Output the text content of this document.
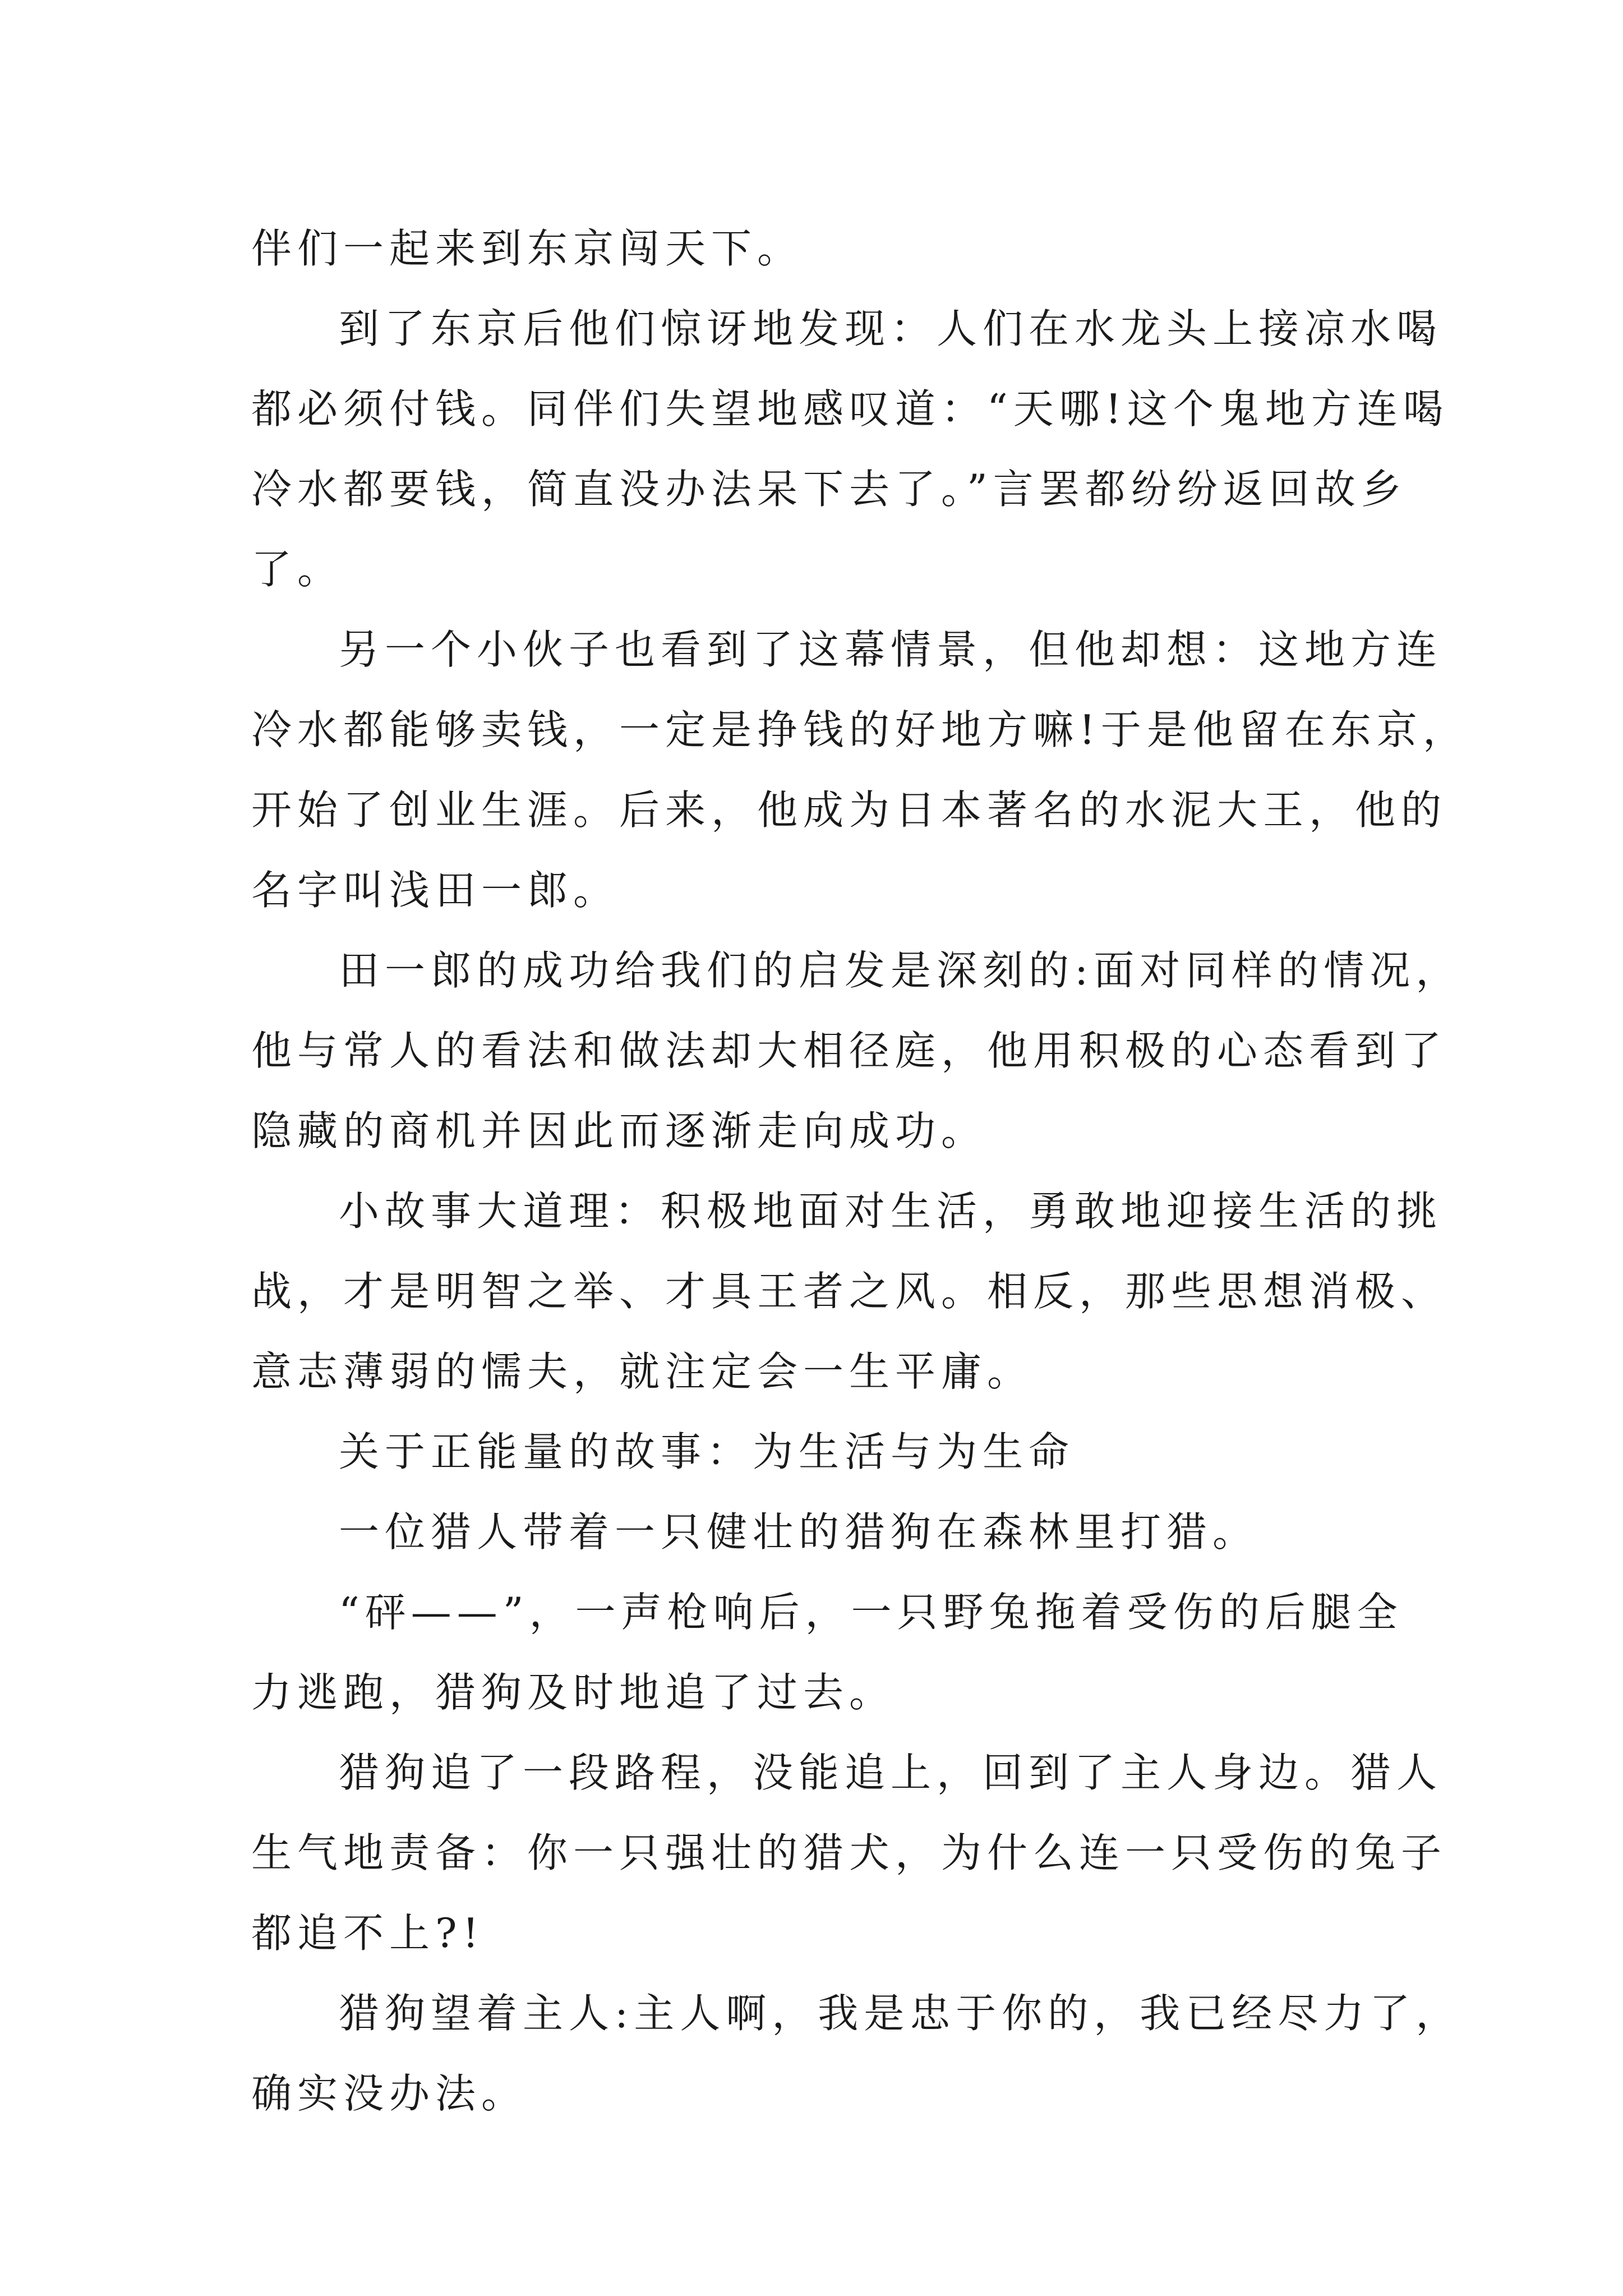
伴们一起来到东京闯天下。
到了东京后他们惊讶地发现：人们在水龙头上接凉水喝
都必须付钱。同伴们失望地感叹道：“天哪!这个鬼地方连喝
冷水都要钱，简直没办法呆下去了。”言罢都纷纷返回故乡
了。
另一个小伙子也看到了这幕情景，但他却想：这地方连
冷水都能够卖钱，一定是挣钱的好地方嘛!于是他留在东京，
开始了创业生涯。后来，他成为日本著名的水泥大王，他的
名字叫浅田一郎。
田一郎的成功给我们的启发是深刻的:面对同样的情况，
他与常人的看法和做法却大相径庭，他用积极的心态看到了
隐藏的商机并因此而逐渐走向成功。
小故事大道理：积极地面对生活，勇敢地迎接生活的挑
战，才是明智之举、才具王者之风。相反，那些思想消极、
意志薄弱的懦夫，就注定会一生平庸。
关于正能量的故事：为生活与为生命
一位猎人带着一只健壮的猎狗在森林里打猎。
“砰——”，一声枪响后，一只野兔拖着受伤的后腿全
力逃跑，猎狗及时地追了过去。
猎狗追了一段路程，没能追上，回到了主人身边。猎人
生气地责备：你一只强壮的猎犬，为什么连一只受伤的兔子
都追不上?!
猎狗望着主人:主人啊，我是忠于你的，我已经尽力了，
确实没办法。
